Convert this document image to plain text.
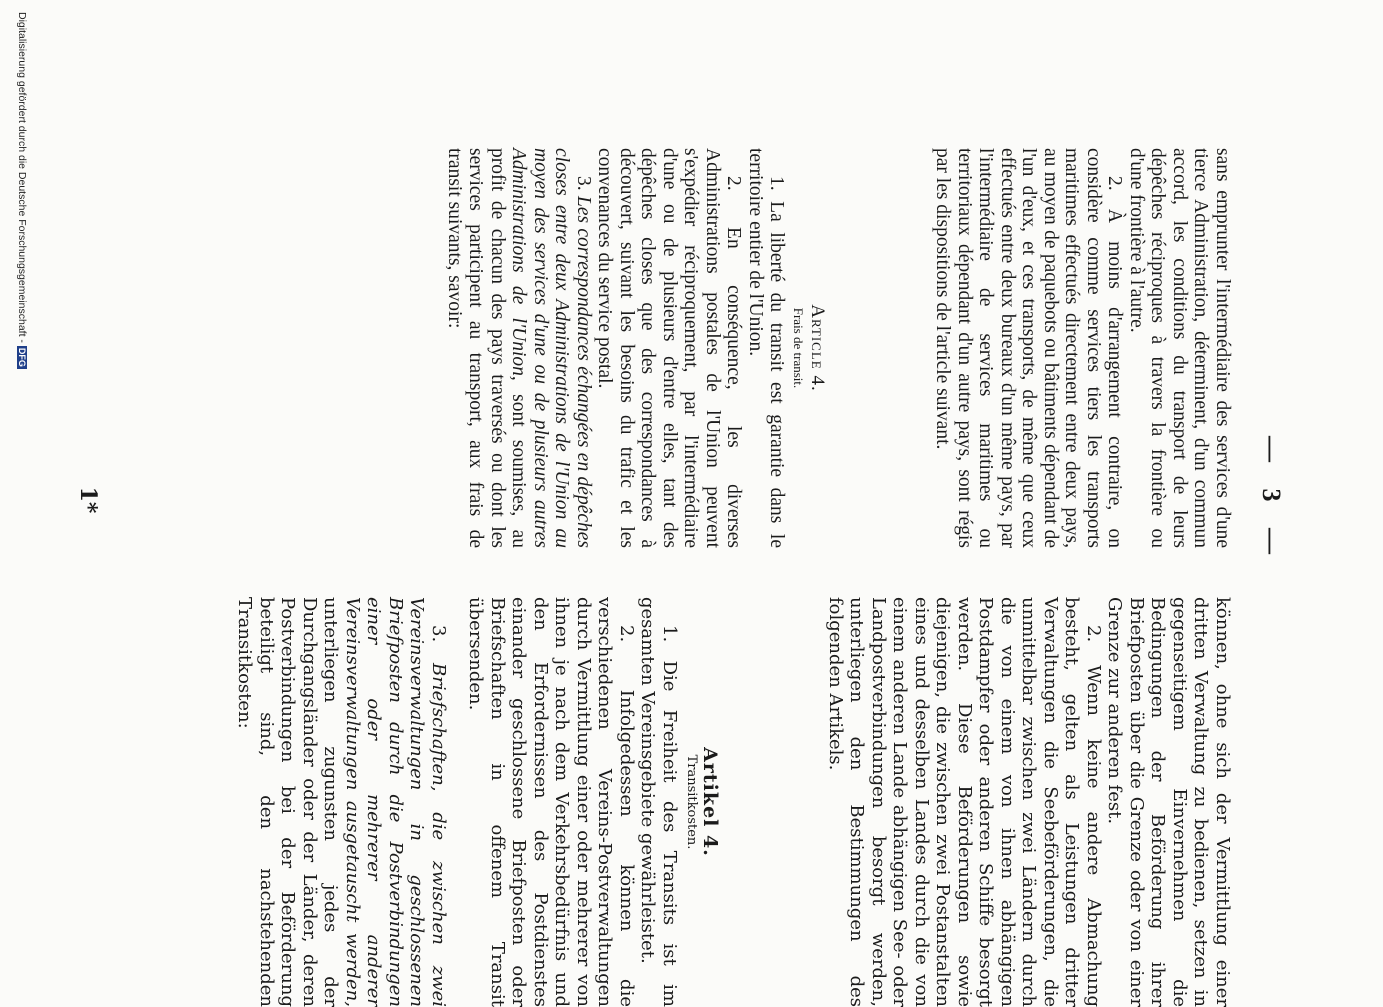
— 3 —

sans emprunter l'intermédiaire des services d'une tierce Administration, déterminent, d'un commun accord, les conditions du transport de leurs dépêches réciproques à travers la frontière ou d'une frontière à l'autre.

2. À moins d'arrangement contraire, on considère comme services tiers les transports maritimes effectués directement entre deux pays, au moyen de paquebots ou bâtiments dépendant de l'un d'eux, et ces transports, de même que ceux effectués entre deux bureaux d'un même pays, par l'intermédiaire de services maritimes ou territoriaux dépendant d'un autre pays, sont régis par les dispositions de l'article suivant.

Article 4.
Frais de transit.

1. La liberté du transit est garantie dans le territoire entier de l'Union.

2. En conséquence, les diverses Administrations postales de l'Union peuvent s'expédier réciproquement, par l'intermédiaire d'une ou de plusieurs d'entre elles, tant des dépêches closes que des correspondances à découvert, suivant les besoins du trafic et les convenances du service postal.

3. Les correspondances échangées en dépêches closes entre deux Administrations de l'Union au moyen des services d'une ou de plusieurs autres Administrations de l'Union, sont soumises, au profit de chacun des pays traversés ou dont les services participent au transport, aux frais de transit suivants, savoir:

können, ohne sich der Vermittlung einer dritten Verwaltung zu bedienen, setzen in gegenseitigem Einvernehmen die Bedingungen der Beförderung ihrer Briefposten über die Grenze oder von einer Grenze zur anderen fest.

2. Wenn keine andere Abmachung besteht, gelten als Leistungen dritter Verwaltungen die Seebeförderungen, die unmittelbar zwischen zwei Ländern durch die von einem von ihnen abhängigen Postdampfer oder anderen Schiffe besorgt werden. Diese Beförderungen sowie diejenigen, die zwischen zwei Postanstalten eines und desselben Landes durch die von einem anderen Lande abhängigen See- oder Landpostverbindungen besorgt werden, unterliegen den Bestimmungen des folgenden Artikels.

Artikel 4.
Transitkosten.

1. Die Freiheit des Transits ist im gesamten Vereinsgebiete gewährleistet.

2. Infolgedessen können die verschiedenen Vereins-Postverwaltungen durch Vermittlung einer oder mehrerer von ihnen je nach dem Verkehrsbedürfnis und den Erfordernissen des Postdienstes einander geschlossene Briefposten oder Briefschaften in offenem Transit übersenden.

3. Briefschaften, die zwischen zwei Vereinsverwaltungen in geschlossenen Briefposten durch die Postverbindungen einer oder mehrerer anderer Vereinsverwaltungen ausgetauscht werden, unterliegen zugunsten jedes der Durchgangsländer oder der Länder, deren Postverbindungen bei der Beförderung beteiligt sind, den nachstehenden Transitkosten:

1*
Digitalisierung gefördert durch die Deutsche Forschungsgemeinschaft -DFG
